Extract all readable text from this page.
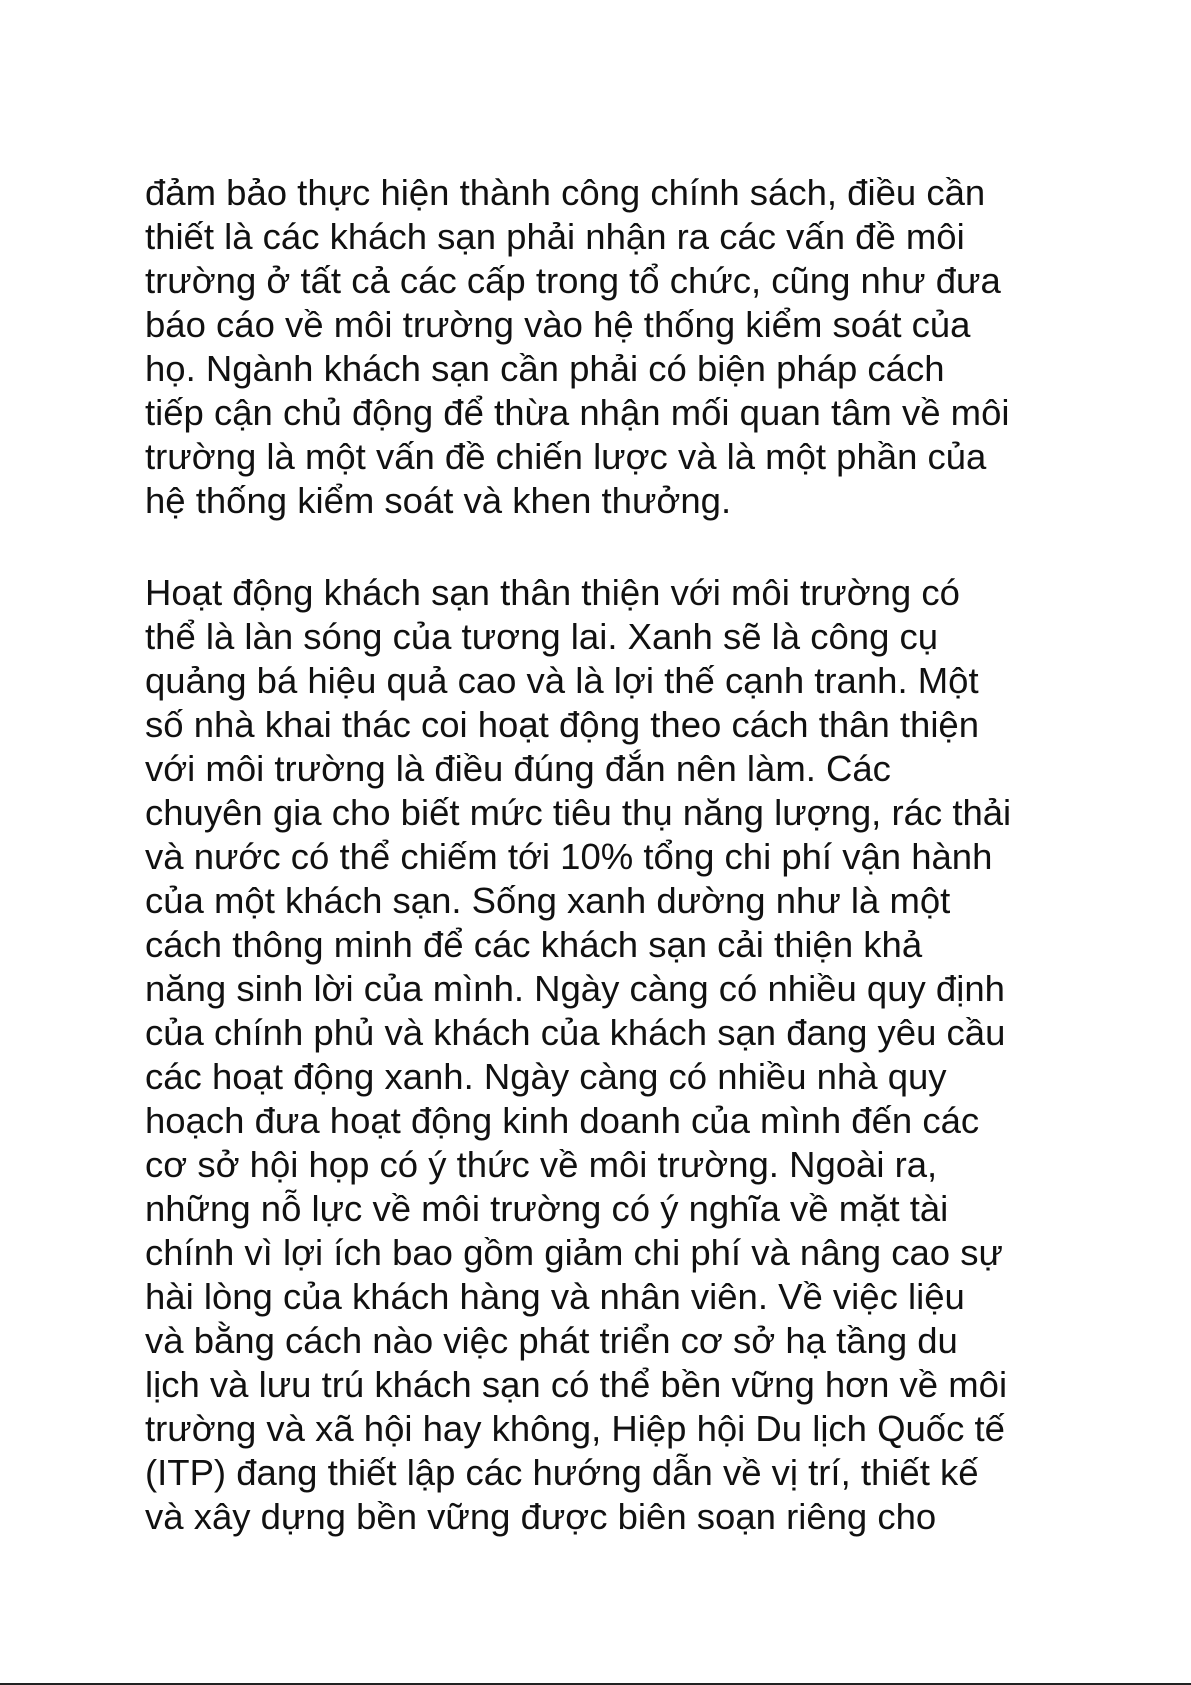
đảm bảo thực hiện thành công chính sách, điều cần
thiết là các khách sạn phải nhận ra các vấn đề môi
trường ở tất cả các cấp trong tổ chức, cũng như đưa
báo cáo về môi trường vào hệ thống kiểm soát của
họ. Ngành khách sạn cần phải có biện pháp cách
tiếp cận chủ động để thừa nhận mối quan tâm về môi
trường là một vấn đề chiến lược và là một phần của
hệ thống kiểm soát và khen thưởng.
Hoạt động khách sạn thân thiện với môi trường có
thể là làn sóng của tương lai. Xanh sẽ là công cụ
quảng bá hiệu quả cao và là lợi thế cạnh tranh. Một
số nhà khai thác coi hoạt động theo cách thân thiện
với môi trường là điều đúng đắn nên làm. Các
chuyên gia cho biết mức tiêu thụ năng lượng, rác thải
và nước có thể chiếm tới 10% tổng chi phí vận hành
của một khách sạn. Sống xanh dường như là một
cách thông minh để các khách sạn cải thiện khả
năng sinh lời của mình. Ngày càng có nhiều quy định
của chính phủ và khách của khách sạn đang yêu cầu
các hoạt động xanh. Ngày càng có nhiều nhà quy
hoạch đưa hoạt động kinh doanh của mình đến các
cơ sở hội họp có ý thức về môi trường. Ngoài ra,
những nỗ lực về môi trường có ý nghĩa về mặt tài
chính vì lợi ích bao gồm giảm chi phí và nâng cao sự
hài lòng của khách hàng và nhân viên. Về việc liệu
và bằng cách nào việc phát triển cơ sở hạ tầng du
lịch và lưu trú khách sạn có thể bền vững hơn về môi
trường và xã hội hay không, Hiệp hội Du lịch Quốc tế
(ITP) đang thiết lập các hướng dẫn về vị trí, thiết kế
và xây dựng bền vững được biên soạn riêng cho
